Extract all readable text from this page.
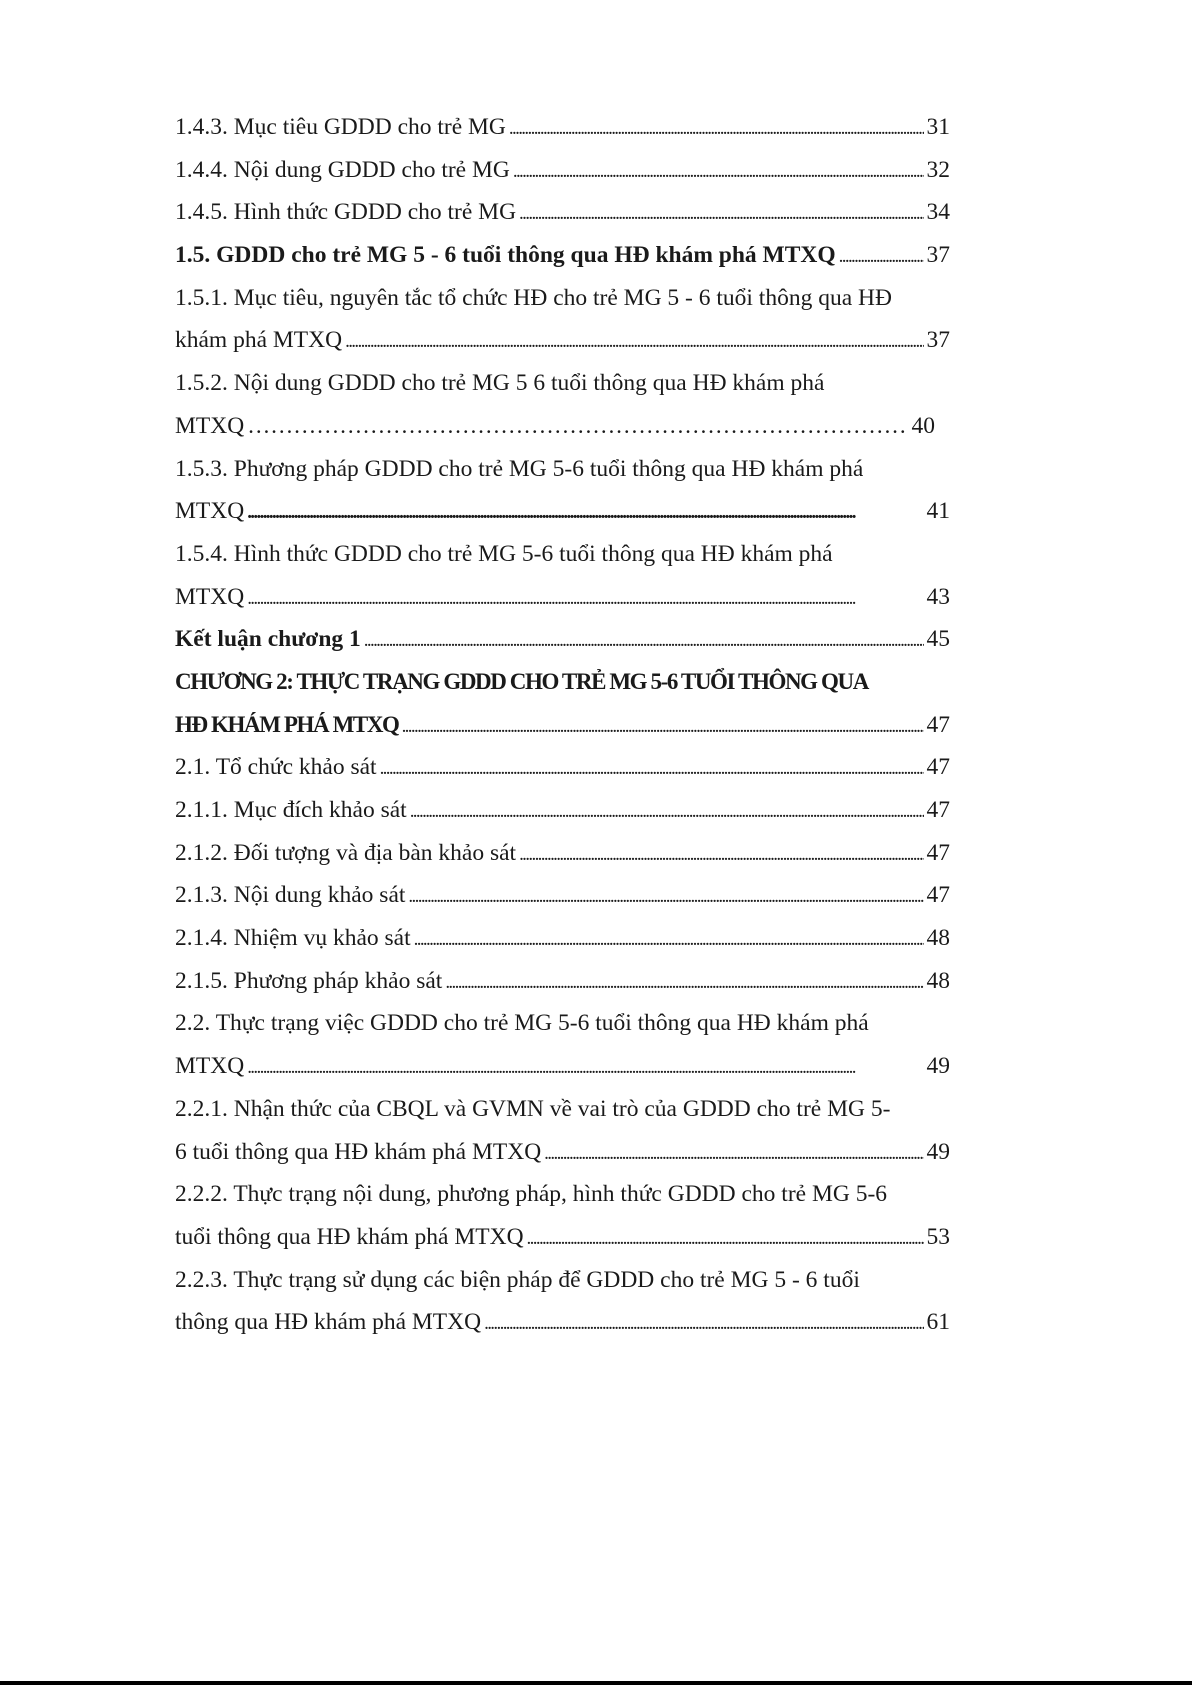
1.4.3. Mục tiêu GDDD cho trẻ MG . . .	31
1.4.4. Nội dung GDDD cho trẻ MG . . .	32
1.4.5. Hình thức GDDD cho trẻ MG . . .	34
1.5. GDDD cho trẻ MG 5 - 6 tuổi thông qua HĐ khám phá MTXQ . . .	37
1.5.1. Mục tiêu, nguyên tắc tổ chức HĐ cho trẻ MG 5 - 6 tuổi thông qua HĐ
khám phá MTXQ . . .	37
1.5.2. Nội dung GDDD cho trẻ MG 5 6 tuổi thông qua HĐ khám phá
MTXQ …………………………………………………………………………………………………………………………………………	40
1.5.3. Phương pháp GDDD cho trẻ MG 5-6 tuổi thông qua HĐ khám phá
MTXQ . . .	41
1.5.4. Hình thức GDDD cho trẻ MG 5-6 tuổi thông qua HĐ khám phá
MTXQ . . .	43
Kết luận chương 1 . . .	45
CHƯƠNG 2: THỰC TRẠNG GDDD CHO TRẺ MG 5-6 TUỔI THÔNG QUA
HĐ KHÁM PHÁ MTXQ . . .	47
2.1. Tổ chức khảo sát . . .	47
2.1.1. Mục đích khảo sát . . .	47
2.1.2. Đối tượng và địa bàn khảo sát . . .	47
2.1.3. Nội dung khảo sát . . .	47
2.1.4. Nhiệm vụ khảo sát . . .	48
2.1.5. Phương pháp khảo sát . . .	48
2.2. Thực trạng việc GDDD cho trẻ MG 5-6 tuổi thông qua HĐ khám phá
MTXQ . . .	49
2.2.1. Nhận thức của CBQL và GVMN về vai trò của GDDD cho trẻ MG 5-
6 tuổi thông qua HĐ khám phá MTXQ . . .	49
2.2.2. Thực trạng nội dung, phương pháp, hình thức GDDD cho trẻ MG 5-6
tuổi thông qua HĐ khám phá MTXQ . . .	53
2.2.3. Thực trạng sử dụng các biện pháp để GDDD cho trẻ MG 5 - 6 tuổi
thông qua HĐ khám phá MTXQ . . .	61
